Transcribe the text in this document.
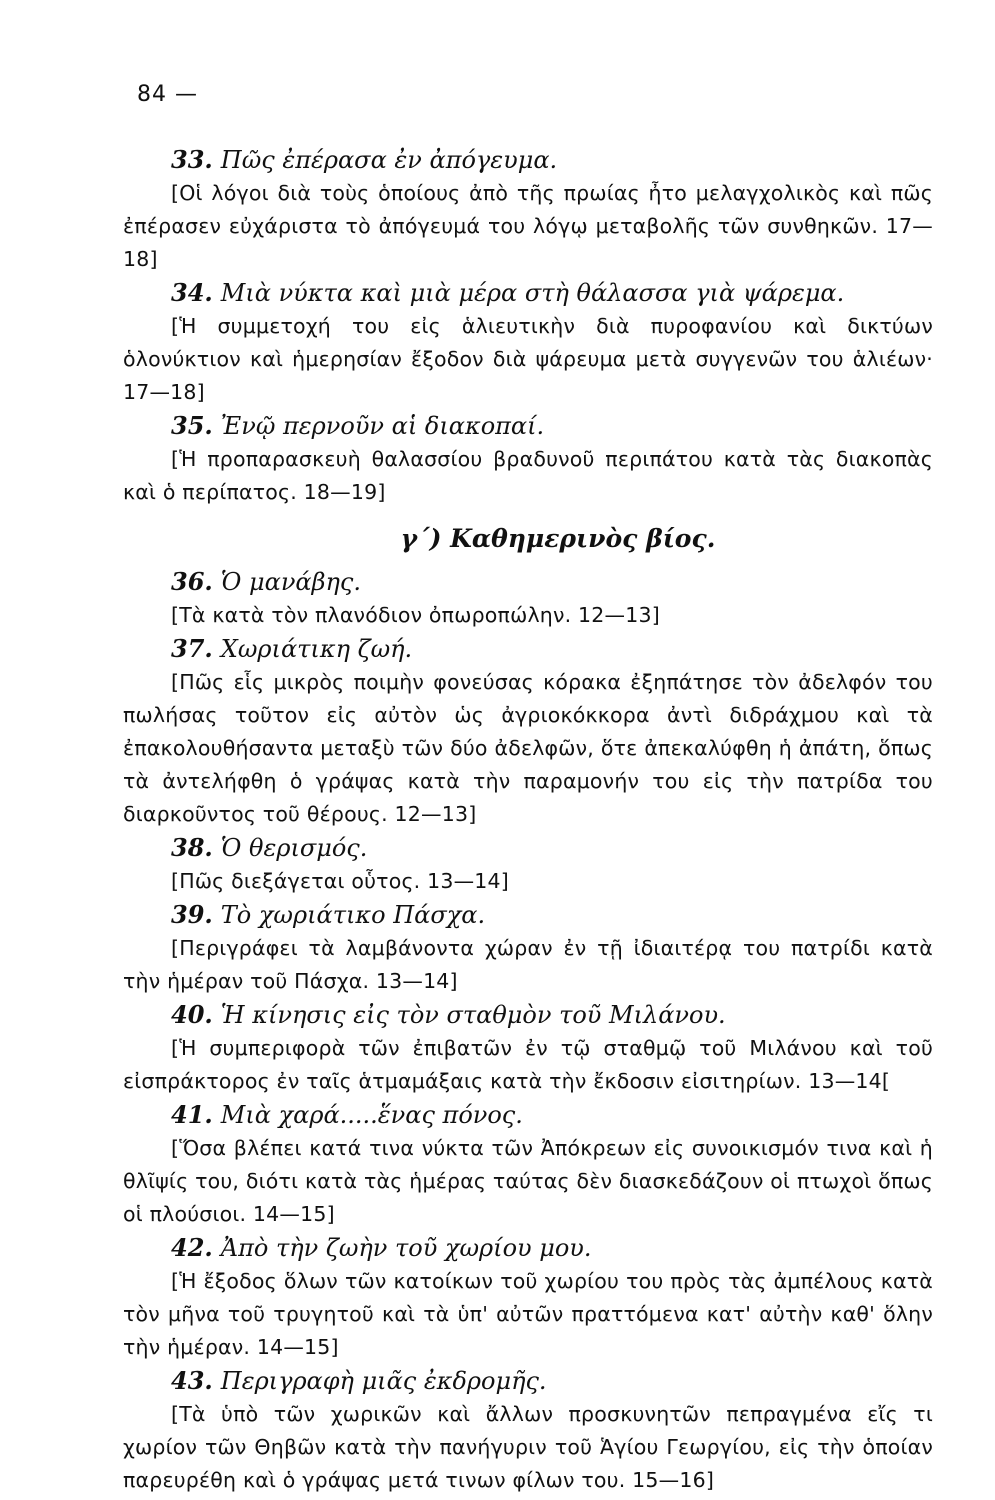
84 —
33. Πῶς ἐπέρασα ἐν ἀπόγευμα.
[Οἱ λόγοι διὰ τοὺς ὁποίους ἀπὸ τῆς πρωίας ἦτο μελαγχολικὸς καὶ πῶς ἐπέρασεν εὐχάριστα τὸ ἀπόγευμά του λόγῳ μεταβολῆς τῶν συνθηκῶν. 17—18]
34. Μιὰ νύκτα καὶ μιὰ μέρα στὴ θάλασσα γιὰ ψάρεμα.
[Ἡ συμμετοχή του εἰς ἁλιευτικὴν διὰ πυροφανίου καὶ δικτύων ὁλονύκτιον καὶ ἡμερησίαν ἔξοδον διὰ ψάρευμα μετὰ συγγενῶν του ἁλιέων· 17—18]
35. Ἐνῷ περνοῦν αἱ διακοπαί.
[Ἡ προπαρασκευὴ θαλασσίου βραδυνοῦ περιπάτου κατὰ τὰς διακοπὰς καὶ ὁ περίπατος. 18—19]
γ΄) Καθημερινὸς βίος.
36. Ὁ μανάβης.
[Τὰ κατὰ τὸν πλανόδιον ὀπωροπώλην. 12—13]
37. Χωριάτικη ζωή.
[Πῶς εἷς μικρὸς ποιμὴν φονεύσας κόρακα ἐξηπάτησε τὸν ἀδελφόν του πωλήσας τοῦτον εἰς αὐτὸν ὡς ἀγριοκόκκορα ἀντὶ διδράχμου καὶ τὰ ἐπακολουθήσαντα μεταξὺ τῶν δύο ἀδελφῶν, ὅτε ἀπεκαλύφθη ἡ ἀπάτη, ὅπως τὰ ἀντελήφθη ὁ γράψας κατὰ τὴν παραμονήν του εἰς τὴν πατρίδα του διαρκοῦντος τοῦ θέρους. 12—13]
38. Ὁ θερισμός.
[Πῶς διεξάγεται οὗτος. 13—14]
39. Τὸ χωριάτικο Πάσχα.
[Περιγράφει τὰ λαμβάνοντα χώραν ἐν τῇ ἰδιαιτέρᾳ του πατρίδι κατὰ τὴν ἡμέραν τοῦ Πάσχα. 13—14]
40. Ἡ κίνησις εἰς τὸν σταθμὸν τοῦ Μιλάνου.
[Ἡ συμπεριφορὰ τῶν ἐπιβατῶν ἐν τῷ σταθμῷ τοῦ Μιλάνου καὶ τοῦ εἰσπράκτορος ἐν ταῖς ἁτμαμάξαις κατὰ τὴν ἔκδοσιν εἰσιτηρίων. 13—14[
41. Μιὰ χαρά.....ἕνας πόνος.
[Ὅσα βλέπει κατά τινα νύκτα τῶν Ἀπόκρεων εἰς συνοικισμόν τινα καὶ ἡ θλῖψίς του, διότι κατὰ τὰς ἡμέρας ταύτας δὲν διασκεδάζουν οἱ πτωχοὶ ὅπως οἱ πλούσιοι. 14—15]
42. Ἀπὸ τὴν ζωὴν τοῦ χωρίου μου.
[Ἡ ἔξοδος ὅλων τῶν κατοίκων τοῦ χωρίου του πρὸς τὰς ἀμπέλους κατὰ τὸν μῆνα τοῦ τρυγητοῦ καὶ τὰ ὑπ' αὐτῶν πραττόμενα κατ' αὐτὴν καθ' ὅλην τὴν ἡμέραν. 14—15]
43. Περιγραφὴ μιᾶς ἐκδρομῆς.
[Τὰ ὑπὸ τῶν χωρικῶν καὶ ἄλλων προσκυνητῶν πεπραγμένα εἴς τι χωρίον τῶν Θηβῶν κατὰ τὴν πανήγυριν τοῦ Ἁγίου Γεωργίου, εἰς τὴν ὁποίαν παρευρέθη καὶ ὁ γράψας μετά τινων φίλων του. 15—16]
